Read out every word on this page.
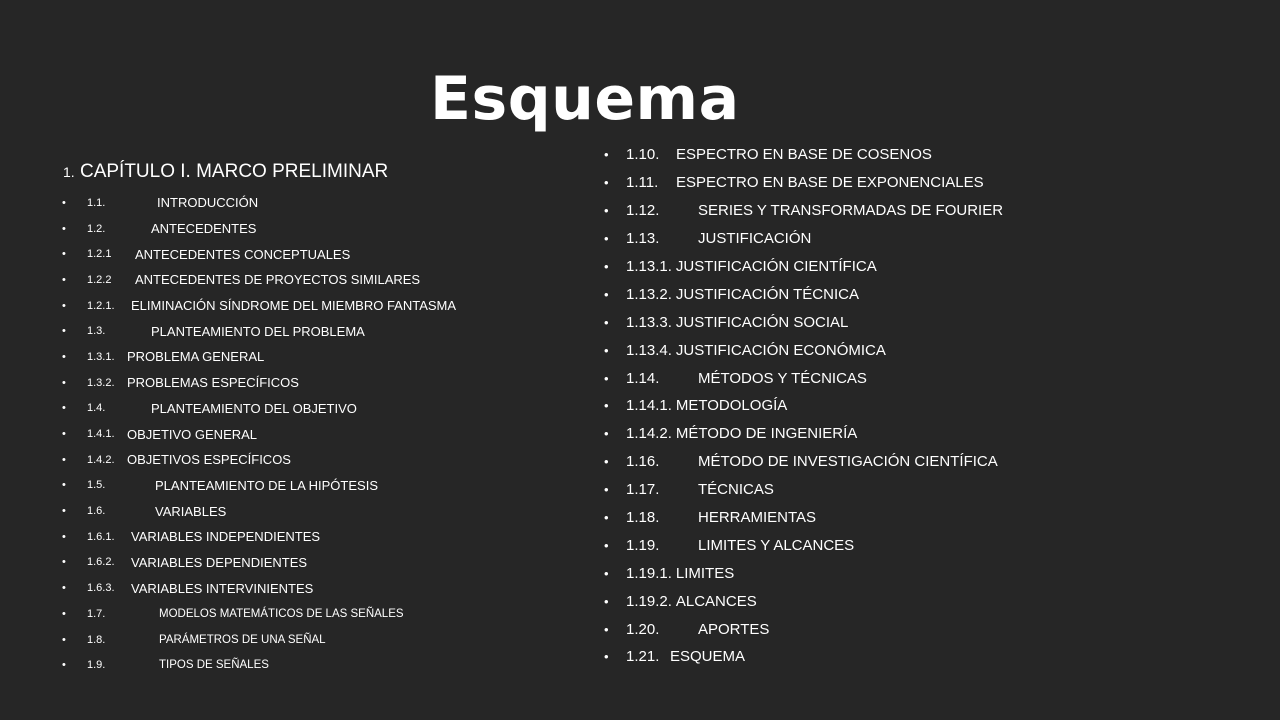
Esquema
1. CAPÍTULO I. MARCO PRELIMINAR
•	1.1.	INTRODUCCIÓN
•	1.2.	ANTECEDENTES
•	1.2.1	ANTECEDENTES CONCEPTUALES
•	1.2.2	ANTECEDENTES DE PROYECTOS SIMILARES
•	1.2.1.	ELIMINACIÓN SÍNDROME DEL MIEMBRO FANTASMA
•	1.3.	PLANTEAMIENTO DEL PROBLEMA
•	1.3.1. PROBLEMA GENERAL
•	1.3.2. PROBLEMAS ESPECÍFICOS
•	1.4.	PLANTEAMIENTO DEL OBJETIVO
•	1.4.1. OBJETIVO GENERAL
•	1.4.2. OBJETIVOS ESPECÍFICOS
•	1.5.	PLANTEAMIENTO DE LA HIPÓTESIS
•	1.6.	VARIABLES
•	1.6.1.	VARIABLES INDEPENDIENTES
•	1.6.2.	VARIABLES DEPENDIENTES
•	1.6.3.	VARIABLES INTERVINIENTES
•	1.7.	MODELOS MATEMÁTICOS DE LAS SEÑALES
•	1.8.	PARÁMETROS DE UNA SEÑAL
•	1.9.	TIPOS DE SEÑALES
•	1.10.	ESPECTRO EN BASE DE COSENOS
•	1.11.	ESPECTRO EN BASE DE EXPONENCIALES
•	1.12.	SERIES Y TRANSFORMADAS DE FOURIER
•	1.13.	JUSTIFICACIÓN
•	1.13.1. JUSTIFICACIÓN CIENTÍFICA
•	1.13.2. JUSTIFICACIÓN TÉCNICA
•	1.13.3. JUSTIFICACIÓN SOCIAL
•	1.13.4. JUSTIFICACIÓN ECONÓMICA
•	1.14.	MÉTODOS Y TÉCNICAS
•	1.14.1. METODOLOGÍA
•	1.14.2. MÉTODO DE INGENIERÍA
•	1.16.	MÉTODO DE INVESTIGACIÓN CIENTÍFICA
•	1.17.	TÉCNICAS
•	1.18.	HERRAMIENTAS
•	1.19.	LIMITES Y ALCANCES
•	1.19.1. LIMITES
•	1.19.2. ALCANCES
•	1.20.	APORTES
•	1.21. ESQUEMA
